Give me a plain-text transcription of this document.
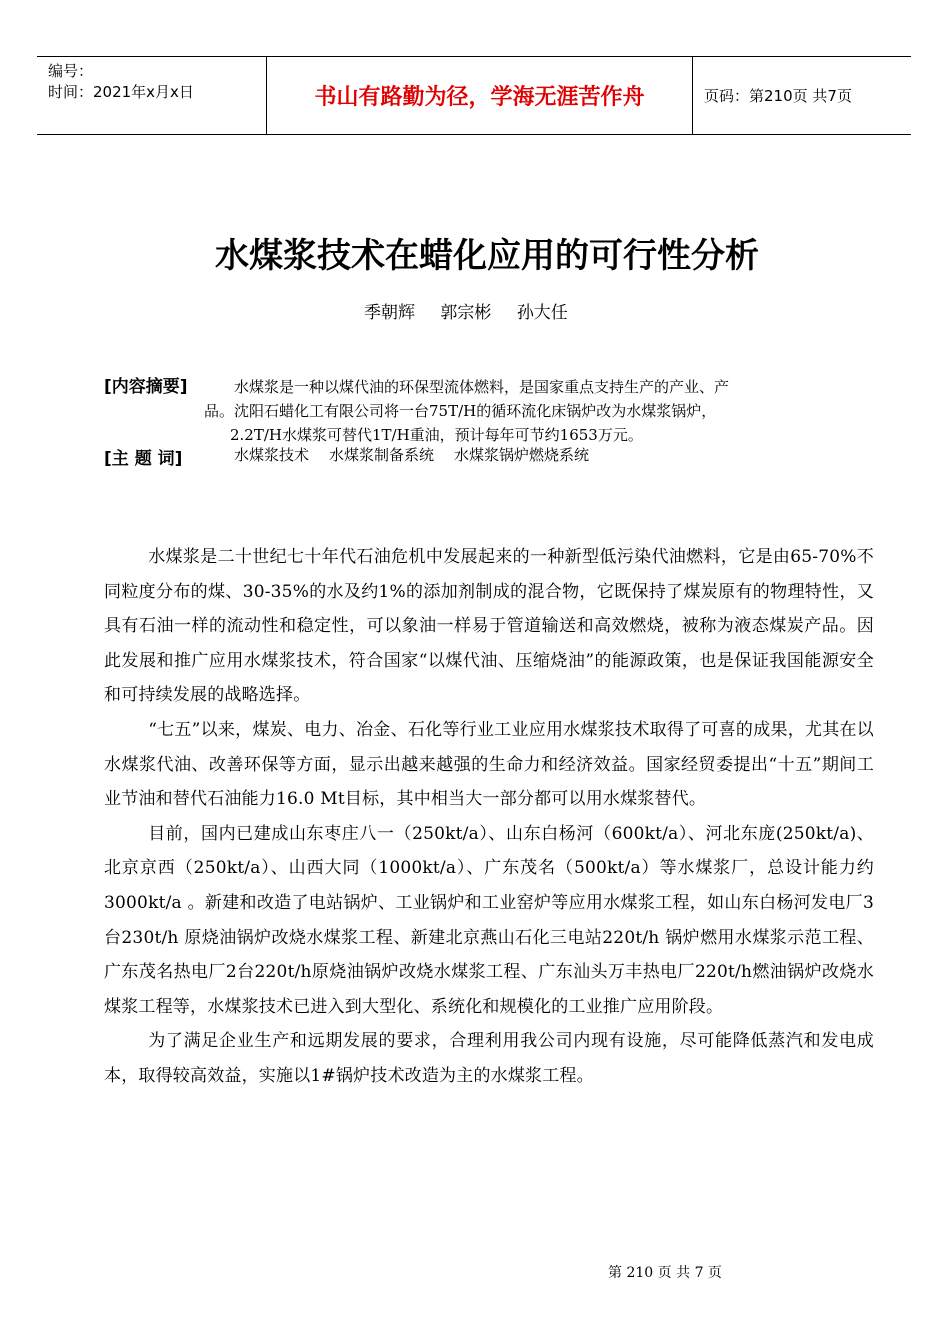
编号：
时间：2021年x月x日	书山有路勤为径，学海无涯苦作舟	页码：第210页 共7页
水煤浆技术在蜡化应用的可行性分析
季朝辉 郭宗彬 孙大任
[内容摘要]	水煤浆是一种以煤代油的环保型流体燃料，是国家重点支持生产的产业、产
品。沈阳石蜡化工有限公司将一台75T/H的循环流化床锅炉改为水煤浆锅炉，
2.2T/H水煤浆可替代1T/H重油，预计每年可节约1653万元。
[主 题 词]	水煤浆技术 水煤浆制备系统 水煤浆锅炉燃烧系统

水煤浆是二十世纪七十年代石油危机中发展起来的一种新型低污染代油燃料，它是由65-70%不同粒度分布的煤、30-35%的水及约1%的添加剂制成的混合物，它既保持了煤炭原有的物理特性，又具有石油一样的流动性和稳定性，可以象油一样易于管道输送和高效燃烧，被称为液态煤炭产品。因此发展和推广应用水煤浆技术，符合国家“以煤代油、压缩烧油”的能源政策，也是保证我国能源安全和可持续发展的战略选择。

“七五”以来，煤炭、电力、冶金、石化等行业工业应用水煤浆技术取得了可喜的成果，尤其在以水煤浆代油、改善环保等方面，显示出越来越强的生命力和经济效益。国家经贸委提出“十五”期间工业节油和替代石油能力16.0 Mt目标，其中相当大一部分都可以用水煤浆替代。

目前，国内已建成山东枣庄八一（250kt/a）、山东白杨河（600kt/a）、河北东庞(250kt/a)、北京京西（250kt/a）、山西大同（1000kt/a）、广东茂名（500kt/a）等水煤浆厂，总设计能力约3000kt/a 。新建和改造了电站锅炉、工业锅炉和工业窑炉等应用水煤浆工程，如山东白杨河发电厂3台230t/h 原烧油锅炉改烧水煤浆工程、新建北京燕山石化三电站220t/h 锅炉燃用水煤浆示范工程、广东茂名热电厂2台220t/h原烧油锅炉改烧水煤浆工程、广东汕头万丰热电厂220t/h燃油锅炉改烧水煤浆工程等，水煤浆技术已进入到大型化、系统化和规模化的工业推广应用阶段。

为了满足企业生产和远期发展的要求，合理利用我公司内现有设施，尽可能降低蒸汽和发电成本，取得较高效益，实施以1#锅炉技术改造为主的水煤浆工程。

第 210 页 共 7 页
